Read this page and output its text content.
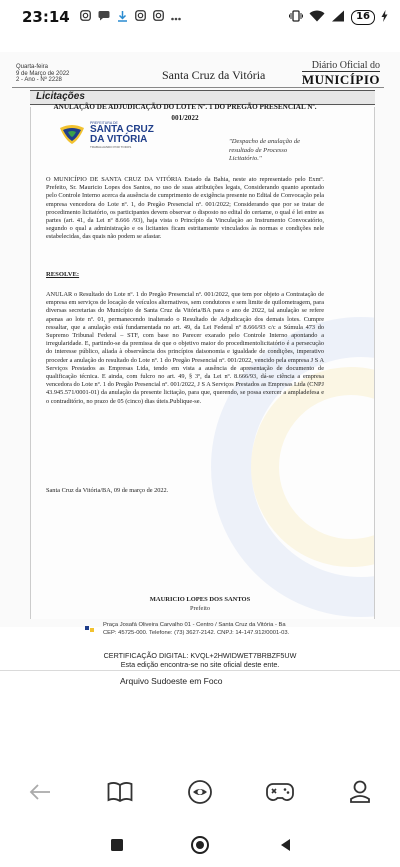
23:14	16
Quarta-feira
9 de Março de 2022
2 - Ano - Nº 2228	Santa Cruz da Vitória
Diário Oficial do
MUNICÍPIO
Licitações
PREFEITURA DE
SANTA CRUZ
DA VITÓRIA
TRABALHANDO POR TODOS
ANULAÇÃO DE ADJUDICAÇÃO DO LOTE Nº. 1 DO PREGÃO PRESENCIAL Nº. 001/2022
"Despacho de anulação de resultado de Processo Licitatório."
O MUNICÍPIO DE SANTA CRUZ DA VITÓRIA Estado da Bahia, neste ato representado pelo Exmº. Prefeito, Sr. Mauricio Lopes dos Santos, no uso de suas atribuições legais, Considerando quanto apontado pelo Controle Interno acerca da ausência de cumprimento de exigência presente no Edital de Convocação pela empresa vencedora do Lote nº. 1, do Pregão Presencial nº. 001/2022; Considerando que por se tratar de procedimento licitatório, os participantes devem observar o disposto no edital do certame, o qual é lei entre as partes (art. 41, da Lei nº 8.666 /93), haja vista o Princípio da Vinculação ao Instrumento Convocatório, segundo o qual a administração e os licitantes ficam estritamente vinculados às normas e condições nele estabelecidas, das quais não podem se afastar.
RESOLVE:
ANULAR o Resultado do Lote nº. 1 do Pregão Presencial nº. 001/2022, que tem por objeto a Contratação de empresa em serviços de locação de veículos alternativos, sem condutores e sem limite de quilometragem, para diversas secretarias do Município de Santa Cruz da Vitória/BA para o ano de 2022, tal anulação se refere apenas ao lote nº. 01, permanecendo inalterado o Resultado de Adjudicação dos demais lotes. Cumpre ressaltar, que a anulação está fundamentada no art. 49, da Lei Federal nº 8.666/93 c/c a Súmula 473 do Supremo Tribunal Federal – STF, com base no Parecer exarado pelo Controle Interno apontando a irregularidade. E, partindo-se da premissa de que o objetivo maior do procedimentolicitatório é a persecução do interesse público, aliada à observância dos princípios daisonomia e igualdade de condições, imperativo proceder a anulação do resultado do Lote nº. 1 do Pregão Presencial nº. 001/2022, vencido pela empresa J S A Serviços Prestados as Empresas Ltda, tendo em vista a ausência de apresentação de documento de qualificação técnica. E ainda, com fulcro no art. 49, § 3º, da Lei nº. 8.666/93, dá-se ciência a empresa vencedora do Lote nº. 1 do Pregão Presencial nº. 001/2022, J S A Serviços Prestados as Empresas Ltda (CNPJ 43.945.571/0001-01) da anulação da presente licitação, para que, querendo, se possa exercer a ampladefesa e o contraditório, no prazo de 05 (cinco) dias úteis.Publique-se.
Santa Cruz da Vitória/BA, 09 de março de 2022.
MAURICIO LOPES DOS SANTOS
Prefeito
Praça Josafá Oliveira Carvalho 01 - Centro / Santa Cruz da Vitória - Ba
CEP: 45725-000. Telefone: (73) 3627-2142. CNPJ: 14-147.912/0001-03.
CERTIFICAÇÃO DIGITAL: KVQL+2HWIDWET7BRBZF5UW
Esta edição encontra-se no site oficial deste ente.
Arquivo Sudoeste em Foco
